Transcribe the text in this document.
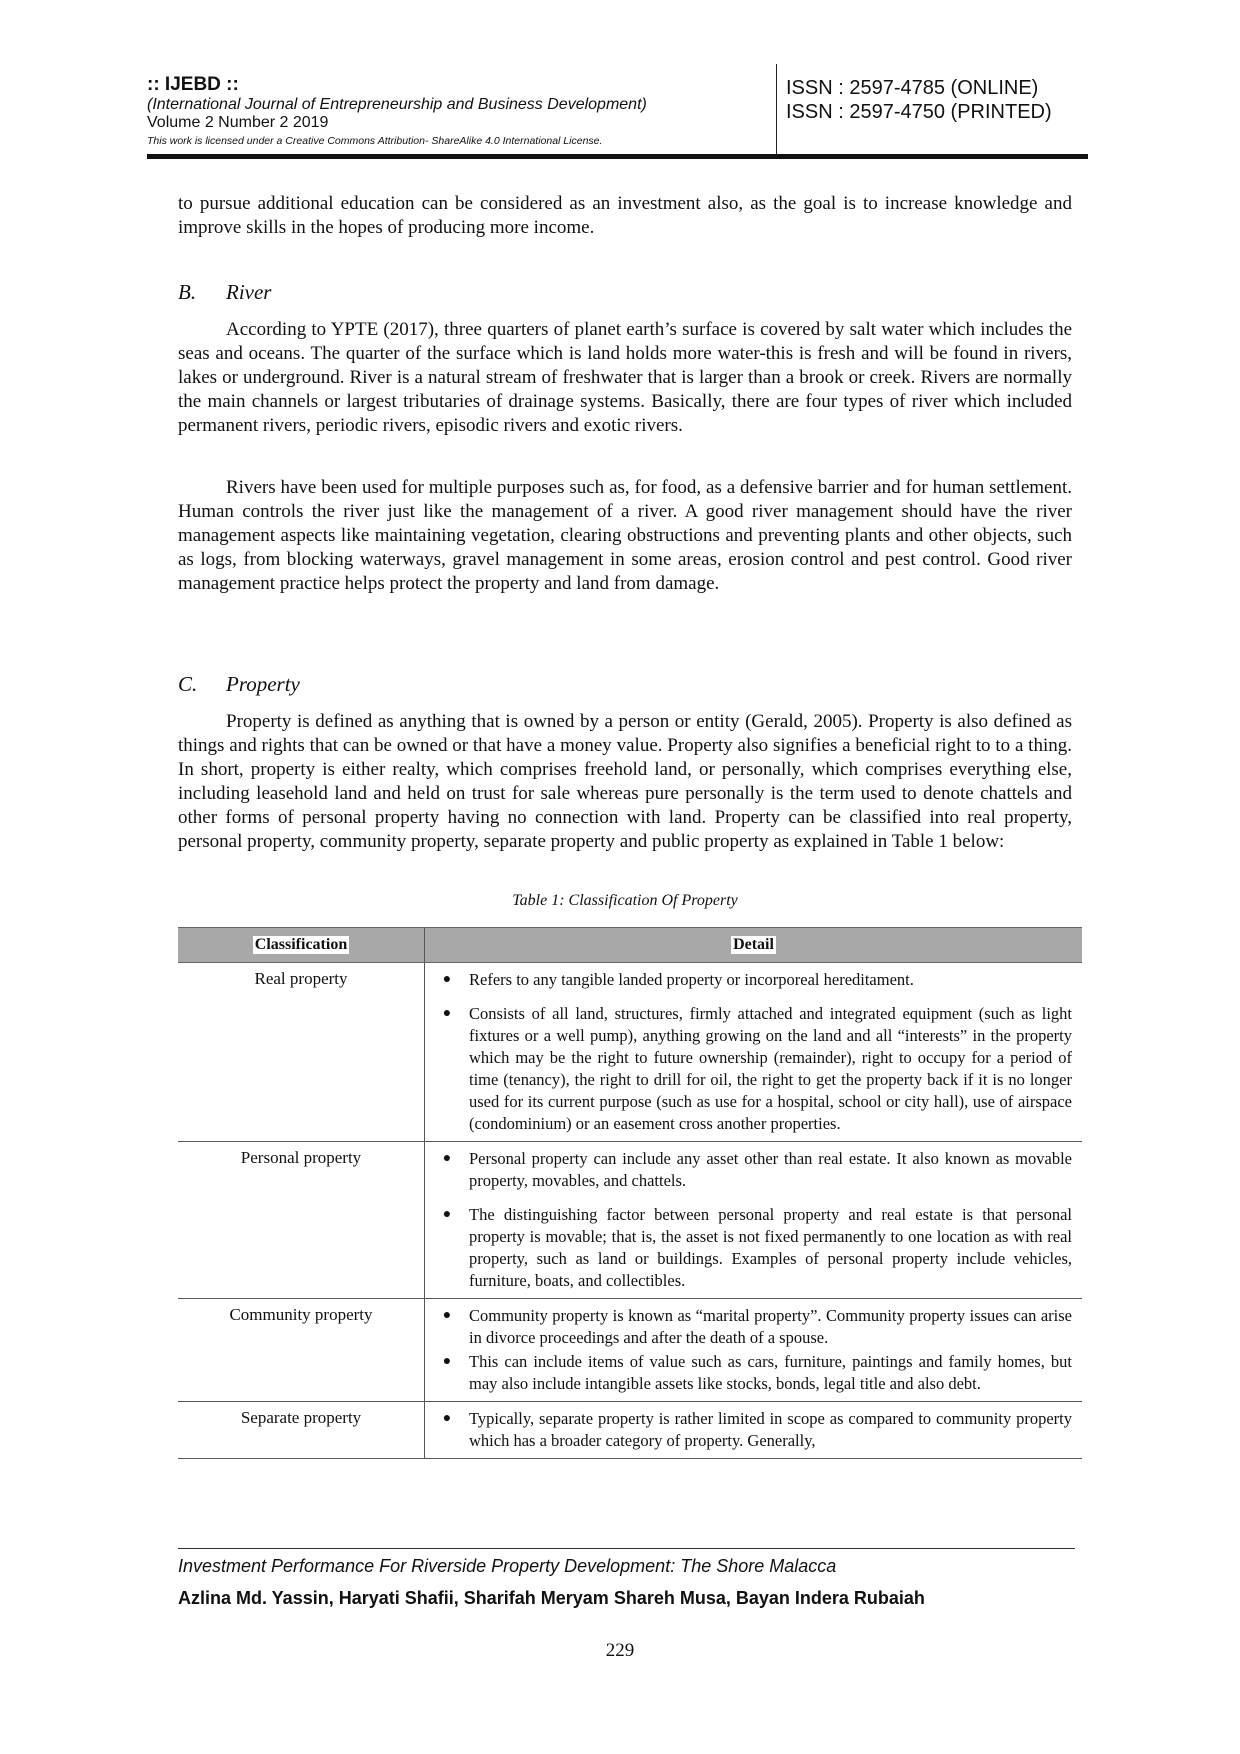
:: IJEBD ::
(International Journal of Entrepreneurship and Business Development)
Volume 2 Number 2 2019
This work is licensed under a Creative Commons Attribution- ShareAlike 4.0 International License.
ISSN : 2597-4785 (ONLINE)
ISSN : 2597-4750 (PRINTED)
to pursue additional education can be considered as an investment also, as the goal is to increase knowledge and improve skills in the hopes of producing more income.
B. River
According to YPTE (2017), three quarters of planet earth’s surface is covered by salt water which includes the seas and oceans. The quarter of the surface which is land holds more water-this is fresh and will be found in rivers, lakes or underground. River is a natural stream of freshwater that is larger than a brook or creek. Rivers are normally the main channels or largest tributaries of drainage systems. Basically, there are four types of river which included permanent rivers, periodic rivers, episodic rivers and exotic rivers.
Rivers have been used for multiple purposes such as, for food, as a defensive barrier and for human settlement. Human controls the river just like the management of a river. A good river management should have the river management aspects like maintaining vegetation, clearing obstructions and preventing plants and other objects, such as logs, from blocking waterways, gravel management in some areas, erosion control and pest control. Good river management practice helps protect the property and land from damage.
C. Property
Property is defined as anything that is owned by a person or entity (Gerald, 2005). Property is also defined as things and rights that can be owned or that have a money value. Property also signifies a beneficial right to to a thing. In short, property is either realty, which comprises freehold land, or personally, which comprises everything else, including leasehold land and held on trust for sale whereas pure personally is the term used to denote chattels and other forms of personal property having no connection with land. Property can be classified into real property, personal property, community property, separate property and public property as explained in Table 1 below:
Table 1: Classification Of Property
Classification	Detail
Real property	●	Refers to any tangible landed property or incorporeal hereditament.
●	Consists of all land, structures, firmly attached and integrated equipment (such as light fixtures or a well pump), anything growing on the land and all “interests” in the property which may be the right to future ownership (remainder), right to occupy for a period of time (tenancy), the right to drill for oil, the right to get the property back if it is no longer used for its current purpose (such as use for a hospital, school or city hall), use of airspace (condominium) or an easement cross another properties.
Personal property	●	Personal property can include any asset other than real estate. It also known as movable property, movables, and chattels.
●	The distinguishing factor between personal property and real estate is that personal property is movable; that is, the asset is not fixed permanently to one location as with real property, such as land or buildings. Examples of personal property include vehicles, furniture, boats, and collectibles.
Community property	●	Community property is known as “marital property”. Community property issues can arise in divorce proceedings and after the death of a spouse.
●	This can include items of value such as cars, furniture, paintings and family homes, but may also include intangible assets like stocks, bonds, legal title and also debt.
Separate property	●	Typically, separate property is rather limited in scope as compared to community property which has a broader category of property. Generally,
Investment Performance For Riverside Property Development: The Shore Malacca
Azlina Md. Yassin, Haryati Shafii, Sharifah Meryam Shareh Musa, Bayan Indera Rubaiah
229
